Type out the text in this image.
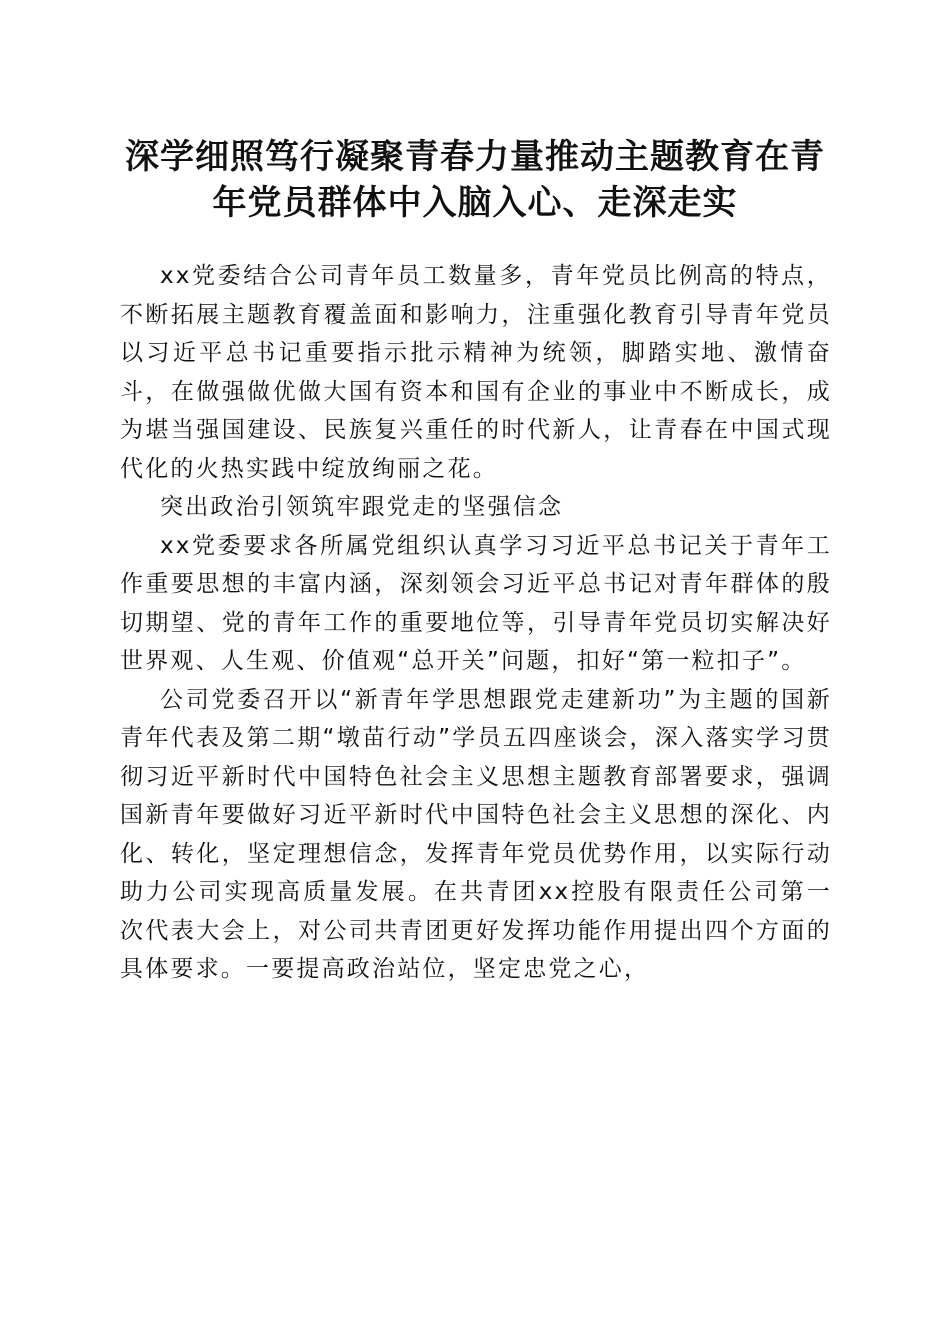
深学细照笃行凝聚青春力量推动主题教育在青
年党员群体中入脑入心、走深走实

xx党委结合公司青年员工数量多，青年党员比例高的特点，不断拓展主题教育覆盖面和影响力，注重强化教育引导青年党员以习近平总书记重要指示批示精神为统领，脚踏实地、激情奋斗，在做强做优做大国有资本和国有企业的事业中不断成长，成为堪当强国建设、民族复兴重任的时代新人，让青春在中国式现代化的火热实践中绽放绚丽之花。

突出政治引领筑牢跟党走的坚强信念

xx党委要求各所属党组织认真学习习近平总书记关于青年工作重要思想的丰富内涵，深刻领会习近平总书记对青年群体的殷切期望、党的青年工作的重要地位等，引导青年党员切实解决好世界观、人生观、价值观“总开关”问题，扣好“第一粒扣子”。

公司党委召开以“新青年学思想跟党走建新功”为主题的国新青年代表及第二期“墩苗行动”学员五四座谈会，深入落实学习贯彻习近平新时代中国特色社会主义思想主题教育部署要求，强调国新青年要做好习近平新时代中国特色社会主义思想的深化、内化、转化，坚定理想信念，发挥青年党员优势作用，以实际行动助力公司实现高质量发展。在共青团xx控股有限责任公司第一次代表大会上，对公司共青团更好发挥功能作用提出四个方面的具体要求。一要提高政治站位，坚定忠党之心，
